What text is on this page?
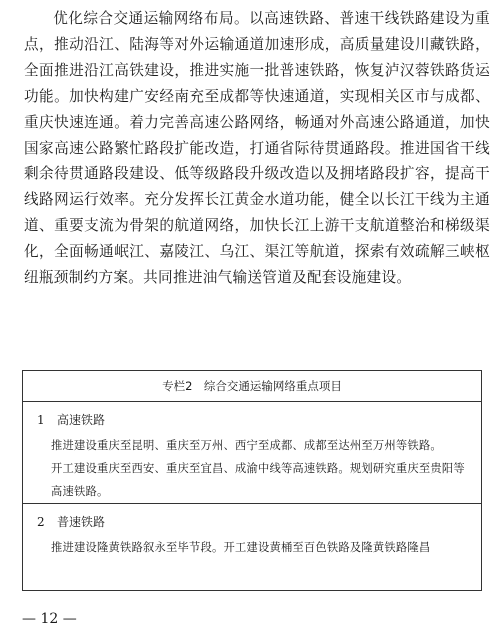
优化综合交通运输网络布局。以高速铁路、普速干线铁路建设为重点，推动沿江、陆海等对外运输通道加速形成，高质量建设川藏铁路，全面推进沿江高铁建设，推进实施一批普速铁路，恢复泸汉蓉铁路货运功能。加快构建广安经南充至成都等快速通道，实现相关区市与成都、重庆快速连通。着力完善高速公路网络，畅通对外高速公路通道，加快国家高速公路繁忙路段扩能改造，打通省际待贯通路段。推进国省干线剩余待贯通路段建设、低等级路段升级改造以及拥堵路段扩容，提高干线路网运行效率。充分发挥长江黄金水道功能，健全以长江干线为主通道、重要支流为骨架的航道网络，加快长江上游干支航道整治和梯级渠化，全面畅通岷江、嘉陵江、乌江、渠江等航道，探索有效疏解三峡枢纽瓶颈制约方案。共同推进油气输送管道及配套设施建设。

专栏2　综合交通运输网络重点项目
1 高速铁路

推进建设重庆至昆明、重庆至万州、西宁至成都、成都至达州至万州等铁路。

开工建设重庆至西安、重庆至宜昌、成渝中线等高速铁路。规划研究重庆至贵阳等高速铁路。

2 普速铁路

推进建设隆黄铁路叙永至毕节段。开工建设黄桶至百色铁路及隆黄铁路隆昌

— 12 —
